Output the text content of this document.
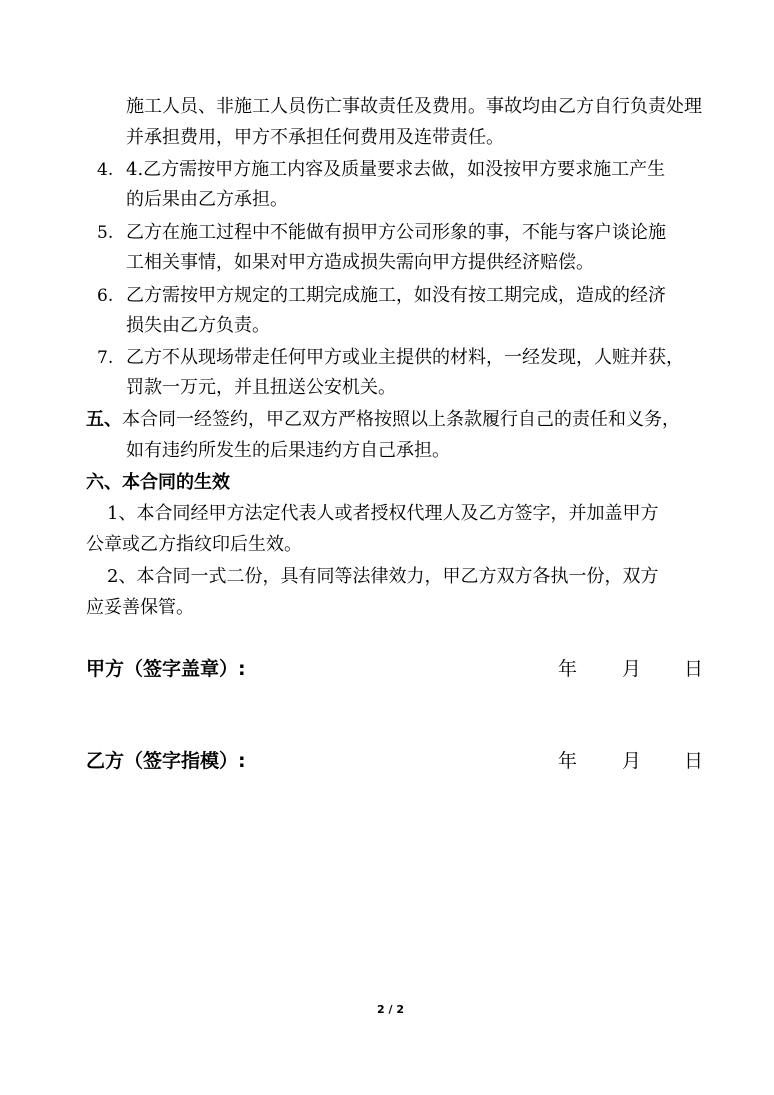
施工人员、非施工人员伤亡事故责任及费用。事故均由乙方自行负责处理
并承担费用，甲方不承担任何费用及连带责任。
4. 4.乙方需按甲方施工内容及质量要求去做，如没按甲方要求施工产生
的后果由乙方承担。
5. 乙方在施工过程中不能做有损甲方公司形象的事，不能与客户谈论施
工相关事情，如果对甲方造成损失需向甲方提供经济赔偿。
6. 乙方需按甲方规定的工期完成施工，如没有按工期完成，造成的经济
损失由乙方负责。
7. 乙方不从现场带走任何甲方或业主提供的材料，一经发现，人赃并获，
罚款一万元，并且扭送公安机关。
五、本合同一经签约，甲乙双方严格按照以上条款履行自己的责任和义务，
如有违约所发生的后果违约方自己承担。
六、本合同的生效
1、本合同经甲方法定代表人或者授权代理人及乙方签字，并加盖甲方
公章或乙方指纹印后生效。
2、本合同一式二份，具有同等法律效力，甲乙方双方各执一份，双方
应妥善保管。
甲方（签字盖章）:	年 月 日
乙方（签字指模）:	年 月 日
2 / 2
